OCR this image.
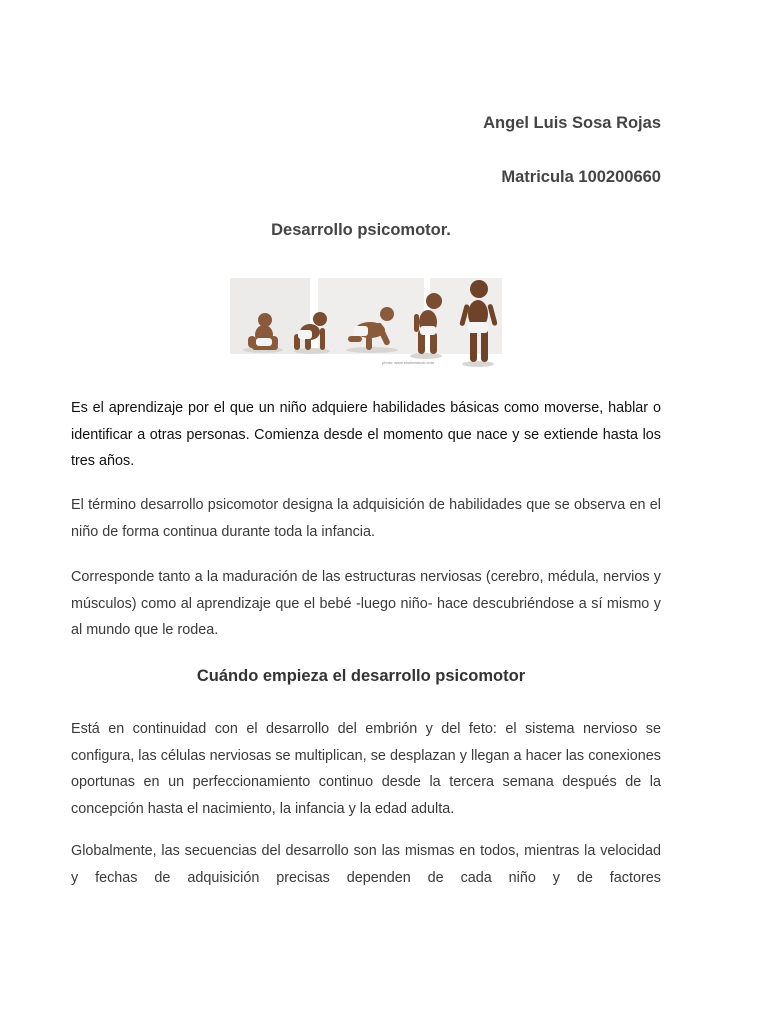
Angel Luis Sosa Rojas

Matricula 100200660

Desarrollo psicomotor.
photo: www.shutterstock.com

Es el aprendizaje por el que un niño adquiere habilidades básicas como moverse, hablar o identificar a otras personas. Comienza desde el momento que nace y se extiende hasta los tres años.

El término desarrollo psicomotor designa la adquisición de habilidades que se observa en el niño de forma continua durante toda la infancia.

Corresponde tanto a la maduración de las estructuras nerviosas (cerebro, médula, nervios y músculos) como al aprendizaje que el bebé -luego niño- hace descubriéndose a sí mismo y al mundo que le rodea.

Cuándo empieza el desarrollo psicomotor

Está en continuidad con el desarrollo del embrión y del feto: el sistema nervioso se configura, las células nerviosas se multiplican, se desplazan y llegan a hacer las conexiones oportunas en un perfeccionamiento continuo desde la tercera semana después de la concepción hasta el nacimiento, la infancia y la edad adulta.

Globalmente, las secuencias del desarrollo son las mismas en todos, mientras la velocidad y fechas de adquisición precisas dependen de cada niño y de factores
